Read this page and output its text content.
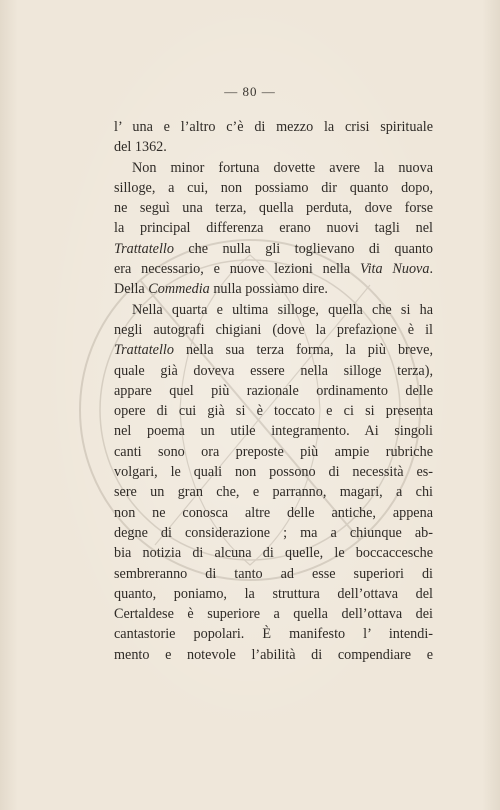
— 80 —
l’ una e l’altro c’è di mezzo la crisi spirituale
del 1362.
Non minor fortuna dovette avere la nuova
silloge, a cui, non possiamo dir quanto dopo,
ne seguì una terza, quella perduta, dove forse
la principal differenza erano nuovi tagli nel
Trattatello che nulla gli toglievano di quanto
era necessario, e nuove lezioni nella Vita Nuova.
Della Commedia nulla possiamo dire.
Nella quarta e ultima silloge, quella che si ha
negli autografi chigiani (dove la prefazione è il
Trattatello nella sua terza forma, la più breve,
quale già doveva essere nella silloge terza),
appare quel più razionale ordinamento delle
opere di cui già si è toccato e ci si presenta
nel poema un utile integramento. Ai singoli
canti sono ora preposte più ampie rubriche
volgari, le quali non possono di necessità es-
sere un gran che, e parranno, magari, a chi
non ne conosca altre delle antiche, appena
degne di considerazione ; ma a chiunque ab-
bia notizia di alcuna di quelle, le boccaccesche
sembreranno di tanto ad esse superiori di
quanto, poniamo, la struttura dell’ottava del
Certaldese è superiore a quella dell’ottava dei
cantastorie popolari. È manifesto l’ intendi-
mento e notevole l’abilità di compendiare e
